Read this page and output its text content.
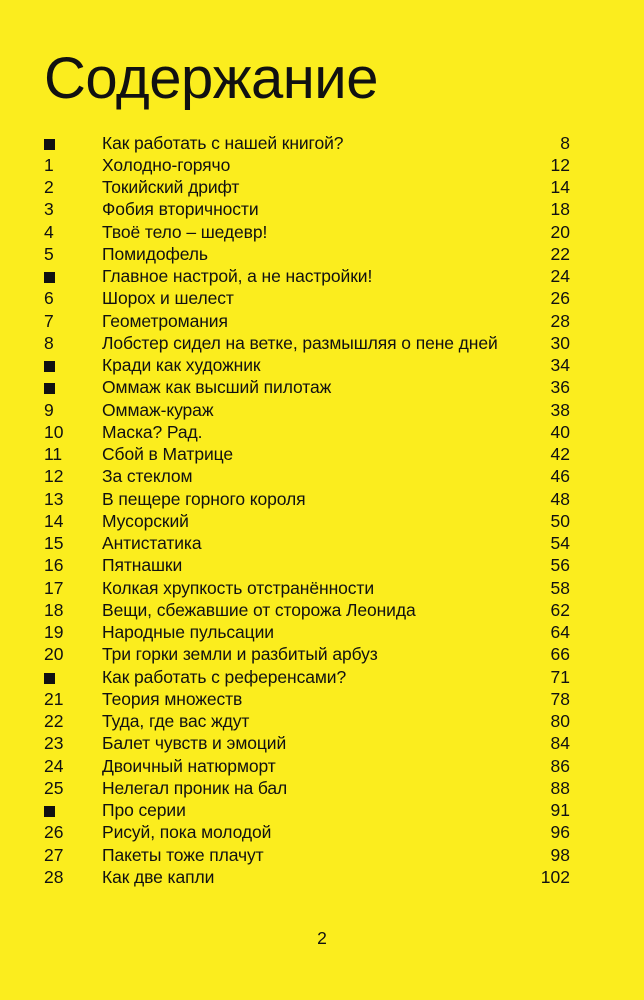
Содержание
Как работать с нашей книгой?	8
1	Холодно-горячо	12
2	Токийский дрифт	14
3	Фобия вторичности	18
4	Твоё тело – шедевр!	20
5	Помидофель	22
Главное настрой, а не настройки!	24
6	Шорох и шелест	26
7	Геометромания	28
8	Лобстер сидел на ветке, размышляя о пене дней	30
Кради как художник	34
Оммаж как высший пилотаж	36
9	Оммаж-кураж	38
10	Маска? Рад.	40
11	Сбой в Матрице	42
12	За стеклом	46
13	В пещере горного короля	48
14	Мусорский	50
15	Антистатика	54
16	Пятнашки	56
17	Колкая хрупкость отстранённости	58
18	Вещи, сбежавшие от сторожа Леонида	62
19	Народные пульсации	64
20	Три горки земли и разбитый арбуз	66
Как работать с референсами?	71
21	Теория множеств	78
22	Туда, где вас ждут	80
23	Балет чувств и эмоций	84
24	Двоичный натюрморт	86
25	Нелегал проник на бал	88
Про серии	91
26	Рисуй, пока молодой	96
27	Пакеты тоже плачут	98
28	Как две капли	102
2
